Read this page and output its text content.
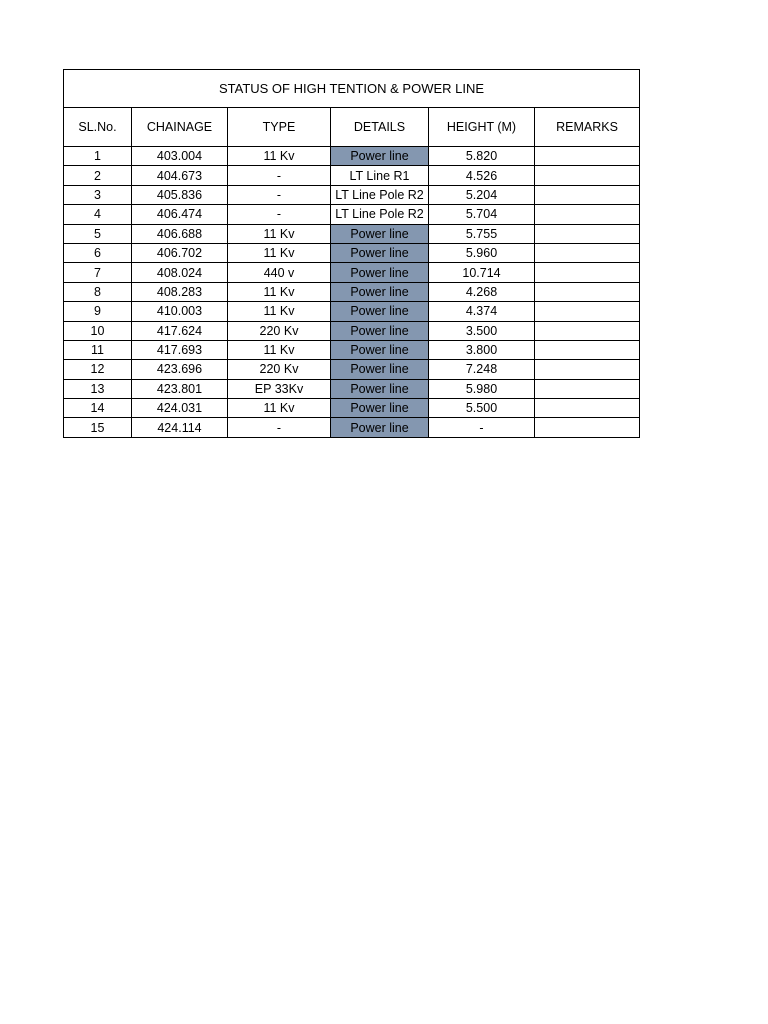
STATUS OF HIGH TENTION & POWER LINE					
SL.No.	CHAINAGE	TYPE	DETAILS	HEIGHT (M)	REMARKS
1	403.004	11 Kv	Power line	5.820	
2	404.673	-	LT Line R1	4.526	
3	405.836	-	LT Line Pole R2	5.204	
4	406.474	-	LT Line Pole R2	5.704	
5	406.688	11 Kv	Power line	5.755	
6	406.702	11 Kv	Power line	5.960	
7	408.024	440 v	Power line	10.714	
8	408.283	11 Kv	Power line	4.268	
9	410.003	11 Kv	Power line	4.374	
10	417.624	220 Kv	Power line	3.500	
11	417.693	11 Kv	Power line	3.800	
12	423.696	220 Kv	Power line	7.248	
13	423.801	EP 33Kv	Power line	5.980	
14	424.031	11 Kv	Power line	5.500	
15	424.114	-	Power line	-	
